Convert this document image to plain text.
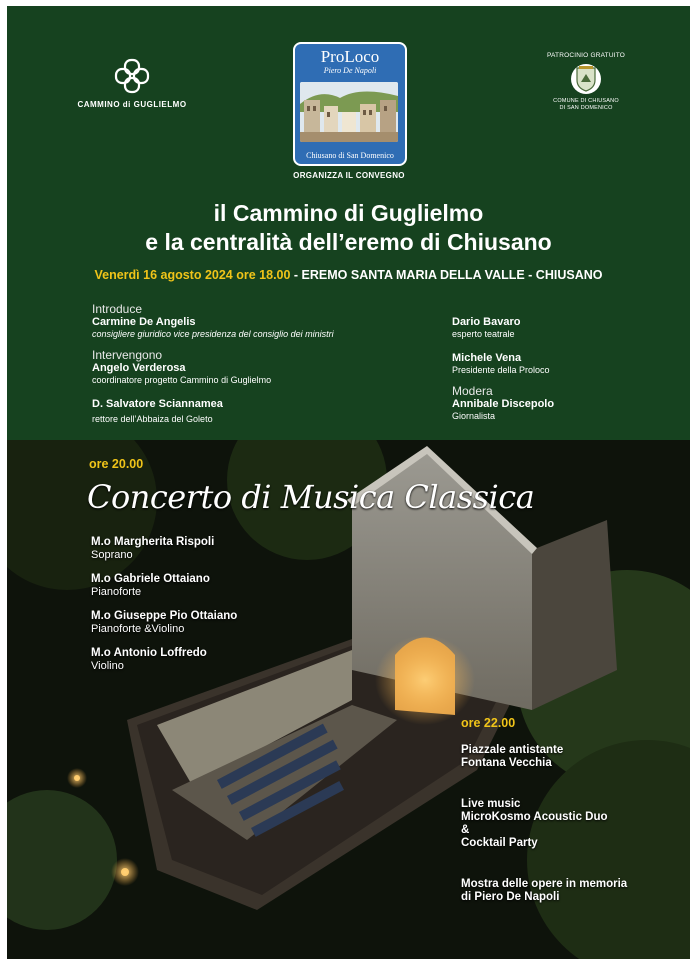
CAMMINO di GUGLIELMO
ProLoco
Piero De Napoli
Chiusano di San Domenico
ORGANIZZA IL CONVEGNO
PATROCINIO GRATUITO
COMUNE DI CHIUSANO
DI SAN DOMENICO
il Cammino di Guglielmo
e la centralità dell’eremo di Chiusano
Venerdì 16 agosto 2024 ore 18.00 - EREMO SANTA MARIA DELLA VALLE - CHIUSANO
Introduce
Carmine De Angelis
consigliere giuridico vice presidenza del consiglio dei ministri
Intervengono
Angelo Verderosa
coordinatore progetto Cammino di Guglielmo
D. Salvatore Sciannamea
rettore dell’Abbaiza del Goleto
Dario Bavaro
esperto teatrale
Michele Vena
Presidente della Proloco
Modera
Annibale Discepolo
Giornalista
ore 20.00
Concerto di Musica Classica
M.o Margherita Rispoli
Soprano
M.o Gabriele Ottaiano
Pianoforte
M.o Giuseppe Pio Ottaiano
Pianoforte &Violino
M.o Antonio Loffredo
Violino
ore 22.00
Piazzale antistante
Fontana Vecchia
Live music
MicroKosmo Acoustic Duo
&
Cocktail Party
Mostra delle opere in memoria
di Piero De Napoli
